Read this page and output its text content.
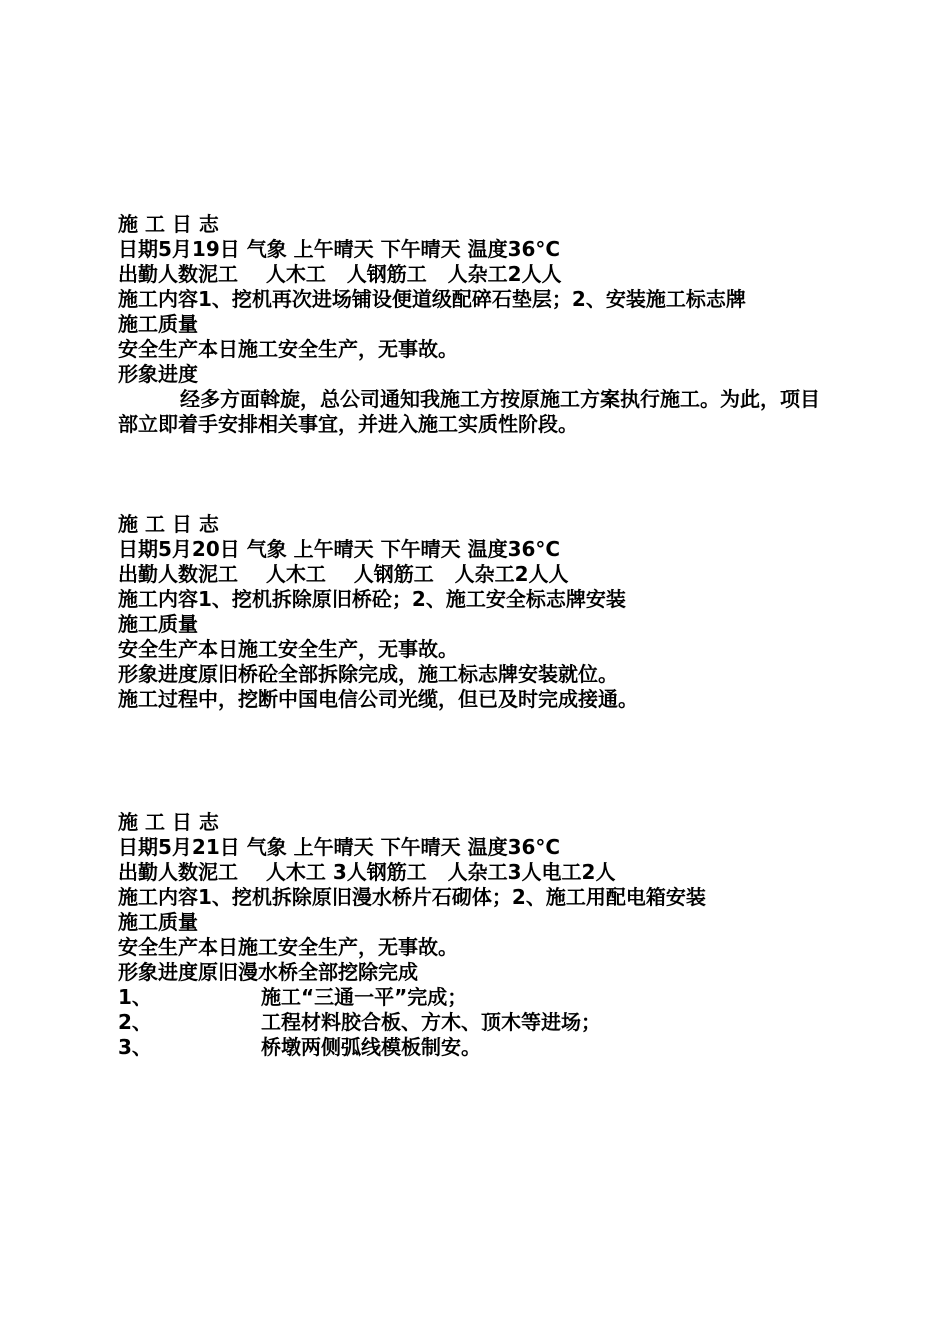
施 工 日 志
日期5月19日 气象 上午晴天 下午晴天 温度36°C
出勤人数泥工    人木工   人钢筋工   人杂工2人人
施工内容1、挖机再次进场铺设便道级配碎石垫层；2、安装施工标志牌
施工质量
安全生产本日施工安全生产，无事故。
形象进度
经多方面斡旋，总公司通知我施工方按原施工方案执行施工。为此，项目部立即着手安排相关事宜，并进入施工实质性阶段。
施 工 日 志
日期5月20日 气象 上午晴天 下午晴天 温度36°C
出勤人数泥工    人木工    人钢筋工   人杂工2人人
施工内容1、挖机拆除原旧桥砼；2、施工安全标志牌安装
施工质量
安全生产本日施工安全生产，无事故。
形象进度原旧桥砼全部拆除完成，施工标志牌安装就位。
施工过程中，挖断中国电信公司光缆，但已及时完成接通。
施 工 日 志
日期5月21日 气象 上午晴天 下午晴天 温度36°C
出勤人数泥工    人木工 3人钢筋工   人杂工3人电工2人
施工内容1、挖机拆除原旧漫水桥片石砌体；2、施工用配电箱安装
施工质量
安全生产本日施工安全生产，无事故。
形象进度原旧漫水桥全部挖除完成
1、	施工“三通一平”完成；
2、	工程材料胶合板、方木、顶木等进场；
3、	桥墩两侧弧线模板制安。
